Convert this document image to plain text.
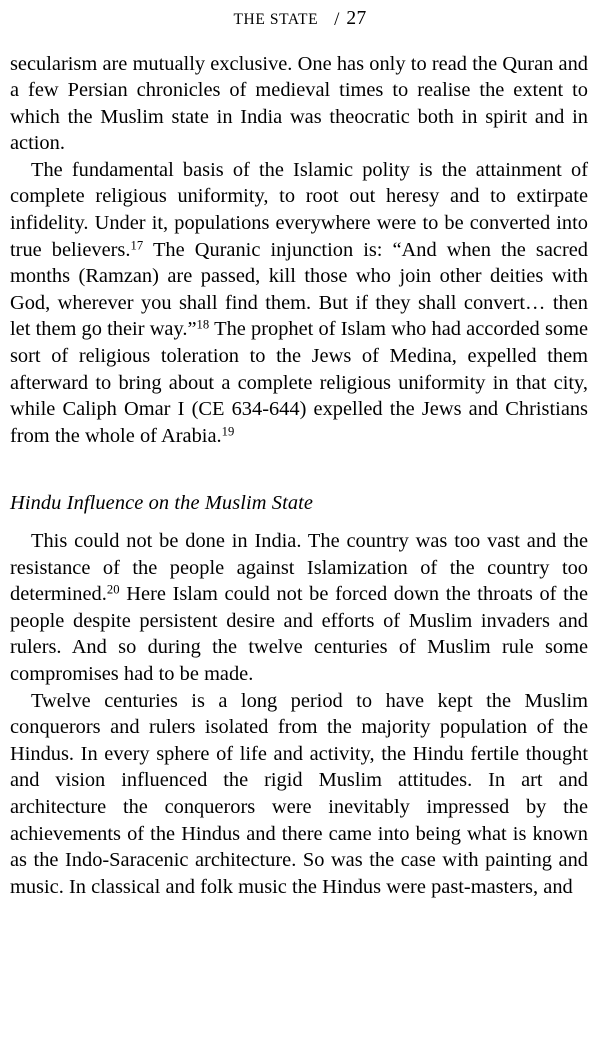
THE STATE / 27

secularism are mutually exclusive. One has only to read the Quran and a few Persian chronicles of medieval times to realise the extent to which the Muslim state in India was theocratic both in spirit and in action.

The fundamental basis of the Islamic polity is the attainment of complete religious uniformity, to root out heresy and to extirpate infidelity. Under it, populations everywhere were to be converted into true believers.$^{17}$ The Quranic injunction is: “And when the sacred months (Ramzan) are passed, kill those who join other deities with God, wherever you shall find them. But if they shall convert… then let them go their way.”$^{18}$ The prophet of Islam who had accorded some sort of religious toleration to the Jews of Medina, expelled them afterward to bring about a complete religious uniformity in that city, while Caliph Omar I (CE 634-644) expelled the Jews and Christians from the whole of Arabia.$^{19}$

Hindu Influence on the Muslim State

This could not be done in India. The country was too vast and the resistance of the people against Islamization of the country too determined.$^{20}$ Here Islam could not be forced down the throats of the people despite persistent desire and efforts of Muslim invaders and rulers. And so during the twelve centuries of Muslim rule some compromises had to be made.

Twelve centuries is a long period to have kept the Muslim conquerors and rulers isolated from the majority population of the Hindus. In every sphere of life and activity, the Hindu fertile thought and vision influenced the rigid Muslim attitudes. In art and architecture the conquerors were inevitably impressed by the achievements of the Hindus and there came into being what is known as the Indo-Saracenic architecture. So was the case with painting and music. In classical and folk music the Hindus were past-masters, and
